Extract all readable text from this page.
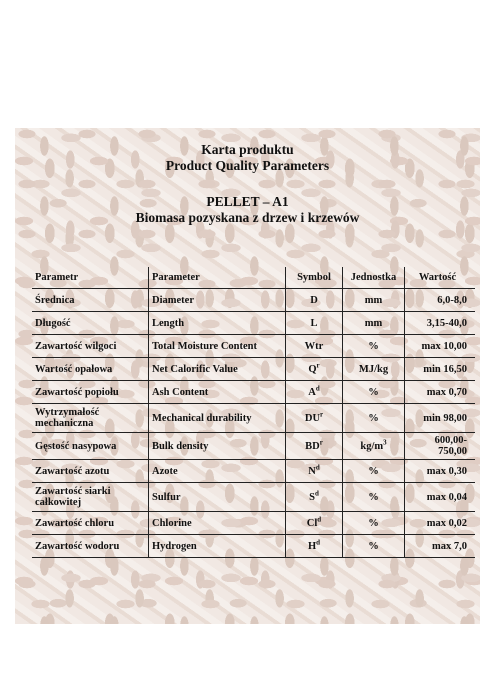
Karta produktu
Product Quality Parameters
PELLET – A1
Biomasa pozyskana z drzew i krzewów
Parametr	Parameter	Symbol	Jednostka	Wartość
Średnica	Diameter	D	mm	6,0-8,0
Długość	Length	L	mm	3,15-40,0
Zawartość wilgoci	Total Moisture Content	Wtr	%	max 10,00
Wartość opałowa	Net Calorific Value	$Q^r$	MJ/kg	min 16,50
Zawartość popiołu	Ash Content	$A^d$	%	max 0,70
Wytrzymałość mechaniczna	Mechanical durability	$DU^r$	%	min 98,00
Gęstość nasypowa	Bulk density	$BD^r$	$kg/m^3$	600,00-750,00
Zawartość azotu	Azote	$N^d$	%	max 0,30
Zawartość siarki całkowitej	Sulfur	$S^d$	%	max 0,04
Zawartość chloru	Chlorine	Cl$^d$	%	max 0,02
Zawartość wodoru	Hydrogen	$H^d$	%	max 7,0
